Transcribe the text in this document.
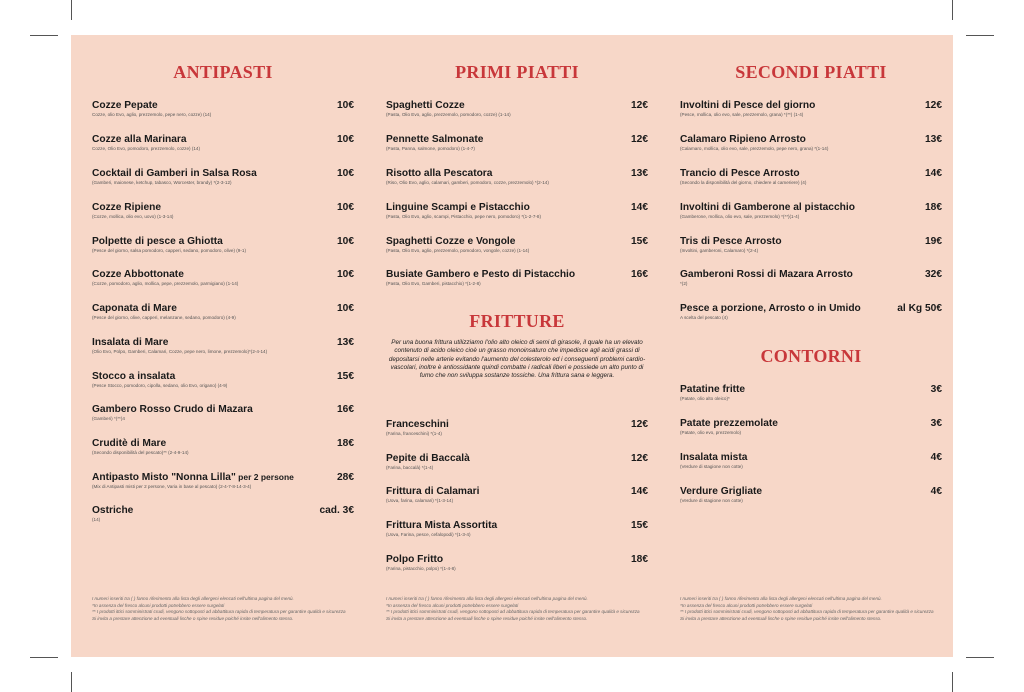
ANTIPASTI
Cozze Pepate	10€
Cozze, olio Evo, aglio, prezzemolo, pepe nero, cozze) (14)
Cozze alla Marinara	10€
Cozze, Olio Evo, pomodoro, prezzemolo, cozze) (14)
Cocktail di Gamberi in Salsa Rosa	10€
(Gamberi, maionese, ketchup, tabasco, Worcester, brandy) *(2-3-12)
Cozze Ripiene	10€
(Cozze, mollica, olio evo, uovo) (1-3-14)
Polpette di pesce a Ghiotta	10€
(Pesce del giorno, salsa pomodoro, capperi, sedano, pomodoro, olive) (9-1)
Cozze Abbottonate	10€
(Cozze, pomodoro, aglio, mollica, pepe, prezzemolo, parmigiano) (1-14)
Caponata di Mare	10€
(Pesce del giorno, olive, capperi, melanzane, sedano, pomodoro) (4-9)
Insalata di Mare	13€
(Olio Evo, Polpo, Gamberi, Calamari, Cozze, pepe nero, limone, prezzemolo)*(2-4-14)
Stocco a insalata	15€
(Pesce Stocco, pomodoro, cipolla, sedano, olio Evo, origano) (4-9)
Gambero Rosso Crudo di Mazara	16€
(Gamberi) *(**)4
Cruditè di Mare	18€
(Secondo disponibilità del pescato)** (2-4-9-14)
Antipasto Misto "Nonna Lilla" per 2 persone	28€
(Mix di Antipasti misti per 2 persone, Varia in base al pescato) (2-4-7-8-14-3-4)
Ostriche	cad. 3€
(14)
I numeri inseriti tra ( ) fanno riferimento alla lista degli allergeni elencati nell'ultima pagina del menù.
*In assenza del fresco alcuni prodotti potrebbero essere surgelati
** I prodotti ittici somministrati crudi, vengono sottoposti ad abbattitura rapida di temperatura per garantire qualità e sicurezza
Si invita a prestare attenzione ad eventuali lische o spine residue poiché insite nell'alimento stesso.
PRIMI PIATTI
Spaghetti Cozze	12€
(Pasta, Olio Evo, aglio, prezzemolo, pomodoro, cozze) (1-14)
Pennette Salmonate	12€
(Pasta, Panna, salmone, pomodoro) (1-4-7)
Risotto alla Pescatora	13€
(Riso, Olio Evo, aglio, calamari, gamberi, pomodoro, cozze, prezzemolo) *(2-14)
Linguine Scampi e Pistacchio	14€
(Pasta, Olio Evo, aglio, scampi, Pistacchio, pepe nero, pomodoro) *(1-2-7-8)
Spaghetti Cozze e Vongole	15€
(Pasta, Olio Evo, aglio, prezzemolo, pomodoro, vongole, cozze) (1-14)
Busiate Gambero e Pesto di Pistacchio	16€
(Pasta, Olio Evo, Gamberi, pistacchio) *(1-2-8)
FRITTURE
Per una buona frittura utilizziamo l'olio alto oleico di semi di girasole, il quale ha un elevato contenuto di acido oleico cioè un grasso monoinsaturo che impedisce agli acidi grassi di depositarsi nelle arterie evitando l'aumento del colesterolo ed i conseguenti problemi cardio-vascolari, inoltre è antiossidante quindi combatte i radicali liberi e possiede un alto punto di fumo che non sviluppa sostanze tossiche. Una frittura sana e leggera.
Franceschini	12€
(Farina, franceschini) *(1-4)
Pepite di Baccalà	12€
(Farina, baccalà) *(1-4)
Frittura di Calamari	14€
(Uova, farina, calamari) *(1-3-14)
Frittura Mista Assortita	15€
(Uova, Farina, pesce, cefalopodi) *(1-3-4)
Polpo Fritto	18€
(Farina, pistacchio, polpo) *(1-4-8)
I numeri inseriti tra ( ) fanno riferimento alla lista degli allergeni elencati nell'ultima pagina del menù.
*In assenza del fresco alcuni prodotti potrebbero essere surgelati
** I prodotti ittici somministrati crudi, vengono sottoposti ad abbattitura rapida di temperatura per garantire qualità e sicurezza
Si invita a prestare attenzione ad eventuali lische o spine residue poiché insite nell'alimento stesso.
SECONDI PIATTI
Involtini di Pesce del giorno	12€
(Pesce, mollica, olio evo, sale, prezzemolo, grana) *(**) (1-4)
Calamaro Ripieno Arrosto	13€
(Calamaro, mollica, olio evo, sale, prezzemolo, pepe nero, grana) *(1-14)
Trancio di Pesce Arrosto	14€
(Secondo la disponibilità del giorno, chiedere al cameriere) (4)
Involtini di Gamberone al pistacchio	18€
(Gamberone, mollica, olio evo, sale, prezzemolo) *(**)(1-4)
Tris di Pesce Arrosto	19€
(Involtini, gamberoni, Calamaro) *(2-4)
Gamberoni Rossi di Mazara Arrosto	32€
*(2)
Pesce a porzione, Arrosto o in Umido	al Kg 50€
A scelta del pescato (4)
CONTORNI
Patatine fritte	3€
(Patate, olio alto oleico)*
Patate prezzemolate	3€
(Patate, olio evo, prezzemolo)
Insalata mista	4€
(Verdure di stagione non cotte)
Verdure Grigliate	4€
(Verdure di stagione non cotte)
I numeri inseriti tra ( ) fanno riferimento alla lista degli allergeni elencati nell'ultima pagina del menù.
*In assenza del fresco alcuni prodotti potrebbero essere surgelati
** I prodotti ittici somministrati crudi, vengono sottoposti ad abbattitura rapida di temperatura per garantire qualità e sicurezza
Si invita a prestare attenzione ad eventuali lische o spine residue poiché insite nell'alimento stesso.
